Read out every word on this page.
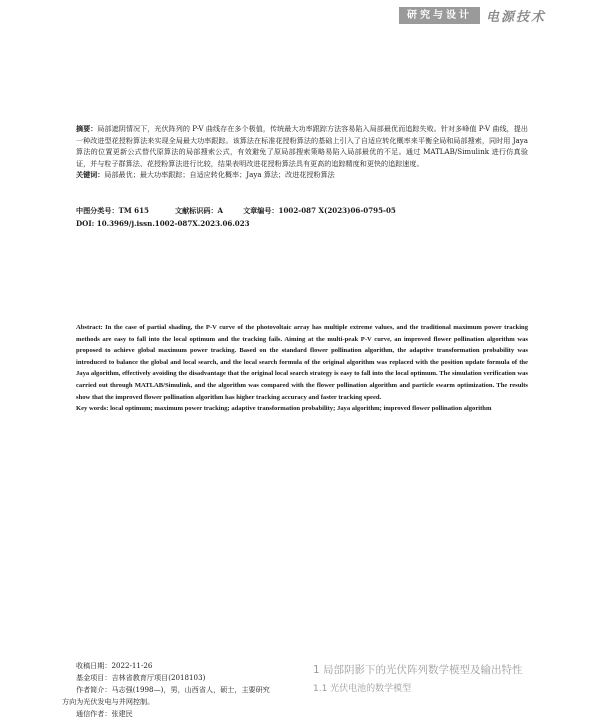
研究与设计	电源技术

摘要：局部遮阴情况下，光伏阵列的 P-V 曲线存在多个极值，传统最大功率跟踪方法容易陷入局部最优而追踪失败。针对多峰值 P-V 曲线，提出一种改进型花授粉算法来实现全局最大功率跟踪。该算法在标准花授粉算法的基础上引入了自适应转化概率来平衡全局和局部搜索，同时用 Jaya 算法的位置更新公式替代原算法的局部搜索公式，有效避免了原局部搜索策略易陷入局部最优的不足。通过 MATLAB/Simulink 进行仿真验证，并与粒子群算法、花授粉算法进行比较，结果表明改进花授粉算法具有更高的追踪精度和更快的追踪速度。

关键词：局部最优；最大功率跟踪；自适应转化概率；Jaya 算法；改进花授粉算法

中图分类号：TM 615	文献标识码：A	文章编号：1002-087 X(2023)06-0795-05
DOI: 10.3969/j.issn.1002-087X.2023.06.023

Abstract: In the case of partial shading, the P-V curve of the photovoltaic array has multiple extreme values, and the traditional maximum power tracking methods are easy to fall into the local optimum and the tracking fails. Aiming at the multi-peak P-V curve, an improved flower pollination algorithm was proposed to achieve global maximum power tracking. Based on the standard flower pollination algorithm, the adaptive transformation probability was introduced to balance the global and local search, and the local search formula of the original algorithm was replaced with the position update formula of the Jaya algorithm, effectively avoiding the disadvantage that the original local search strategy is easy to fall into the local optimum. The simulation verification was carried out through MATLAB/Simulink, and the algorithm was compared with the flower pollination algorithm and particle swarm optimization. The results show that the improved flower pollination algorithm has higher tracking accuracy and faster tracking speed.

Key words: local optimum; maximum power tracking; adaptive transformation probability; Jaya algorithm; improved flower pollination algorithm

收稿日期：2022-11-26
基金项目：吉林省教育厅项目(2018103)
作者简介：马志强(1998—)，男，山西省人，硕士，主要研究
方向为光伏发电与并网控制。
通信作者：张建民
1 局部阴影下的光伏阵列数学模型及输出特性
1.1 光伏电池的数学模型
